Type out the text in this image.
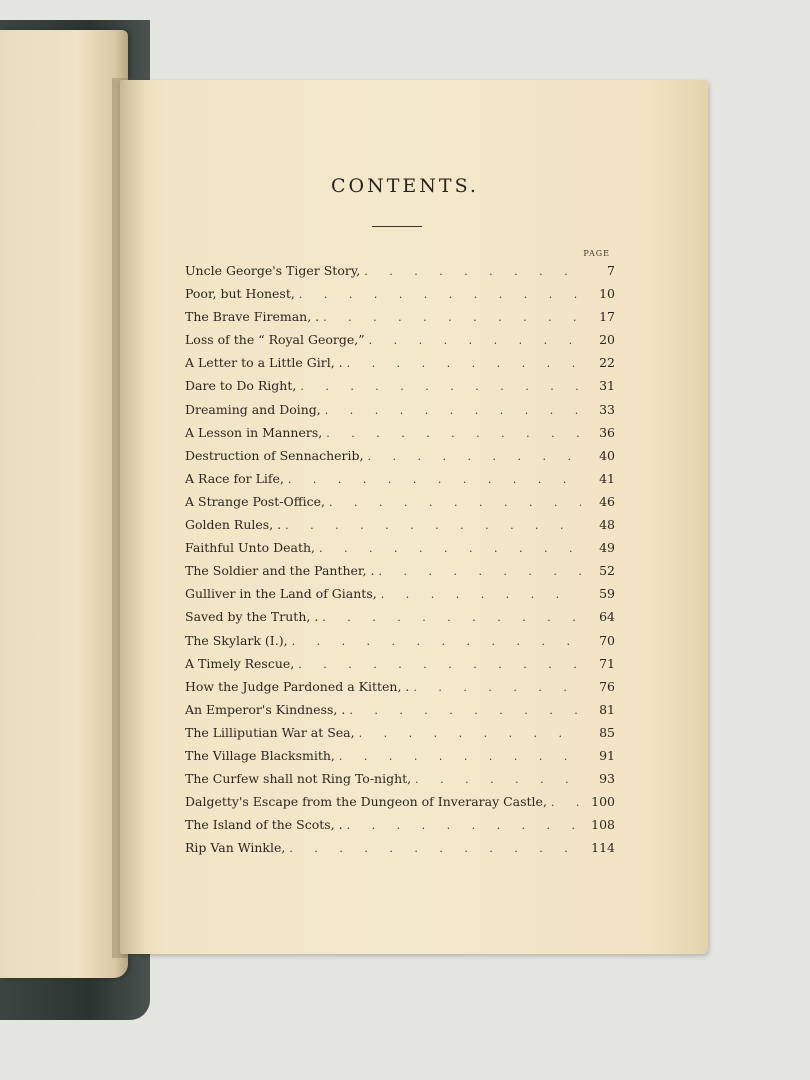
CONTENTS.
PAGE
Uncle George's Tiger Story, . . .	7
Poor, but Honest, . . .	10
The Brave Fireman, . . . .	17
Loss of the “ Royal George,” . . .	20
A Letter to a Little Girl, . . . .	22
Dare to Do Right, . . .	31
Dreaming and Doing, . . .	33
A Lesson in Manners, . . .	36
Destruction of Sennacherib, . . .	40
A Race for Life, . . .	41
A Strange Post-Office, . . .	46
Golden Rules, . . . .	48
Faithful Unto Death, . . .	49
The Soldier and the Panther, . . . .	52
Gulliver in the Land of Giants, . . .	59
Saved by the Truth, . . . .	64
The Skylark (I.), . . .	70
A Timely Rescue, . . .	71
How the Judge Pardoned a Kitten, . . . .	76
An Emperor's Kindness, . . . .	81
The Lilliputian War at Sea, . . .	85
The Village Blacksmith, . . .	91
The Curfew shall not Ring To-night, . . .	93
Dalgetty's Escape from the Dungeon of Inveraray Castle, . . .	100
The Island of the Scots, . . . .	108
Rip Van Winkle, . . .	114
